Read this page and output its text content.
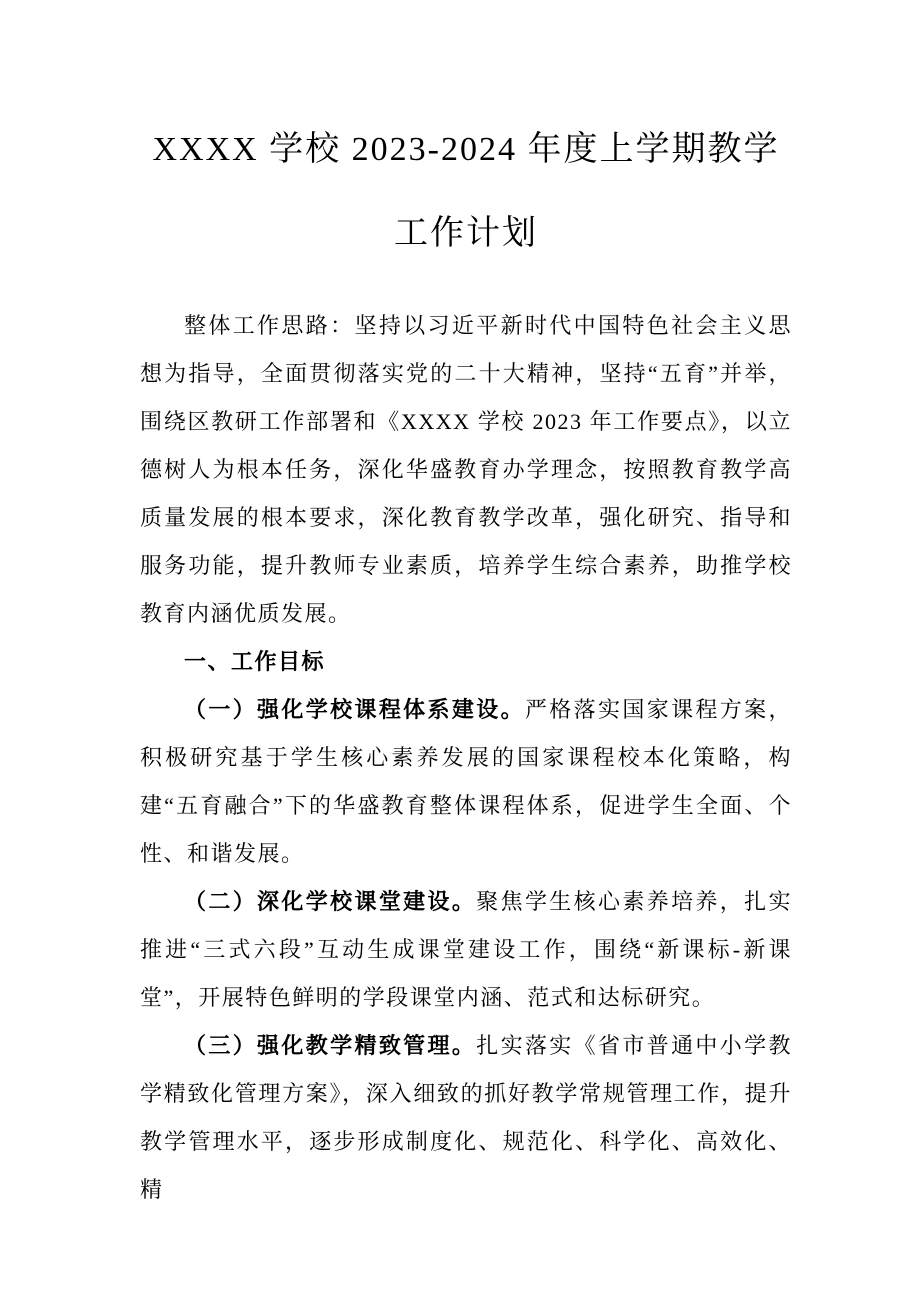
XXXX 学校 2023-2024 年度上学期教学
工作计划

整体工作思路：坚持以习近平新时代中国特色社会主义思想为指导，全面贯彻落实党的二十大精神，坚持“五育”并举，围绕区教研工作部署和《XXXX 学校 2023 年工作要点》，以立德树人为根本任务，深化华盛教育办学理念，按照教育教学高质量发展的根本要求，深化教育教学改革，强化研究、指导和服务功能，提升教师专业素质，培养学生综合素养，助推学校教育内涵优质发展。

一、工作目标

（一）强化学校课程体系建设。严格落实国家课程方案，积极研究基于学生核心素养发展的国家课程校本化策略，构建“五育融合”下的华盛教育整体课程体系，促进学生全面、个性、和谐发展。

（二）深化学校课堂建设。聚焦学生核心素养培养，扎实推进“三式六段”互动生成课堂建设工作，围绕“新课标-新课堂”，开展特色鲜明的学段课堂内涵、范式和达标研究。

（三）强化教学精致管理。扎实落实《省市普通中小学教学精致化管理方案》，深入细致的抓好教学常规管理工作，提升教学管理水平，逐步形成制度化、规范化、科学化、高效化、精
